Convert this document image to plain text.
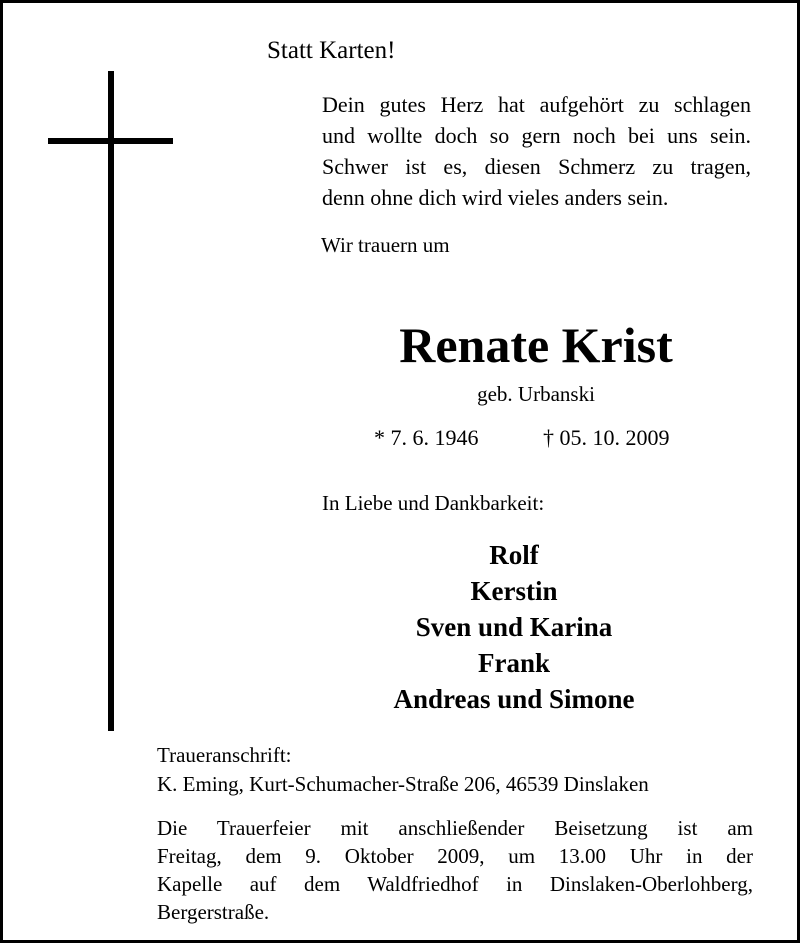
Statt Karten!
Dein gutes Herz hat aufgehört zu schlagen
und wollte doch so gern noch bei uns sein.
Schwer ist es, diesen Schmerz zu tragen,
denn ohne dich wird vieles anders sein.
Wir trauern um
Renate Krist
geb. Urbanski
* 7. 6. 1946	† 05. 10. 2009
In Liebe und Dankbarkeit:
Rolf
Kerstin
Sven und Karina
Frank
Andreas und Simone
Traueranschrift:
K. Eming, Kurt-Schumacher-Straße 206, 46539 Dinslaken
Die Trauerfeier mit anschließender Beisetzung ist am
Freitag, dem 9. Oktober 2009, um 13.00 Uhr in der
Kapelle auf dem Waldfriedhof in Dinslaken-Oberlohberg,
Bergerstraße.
